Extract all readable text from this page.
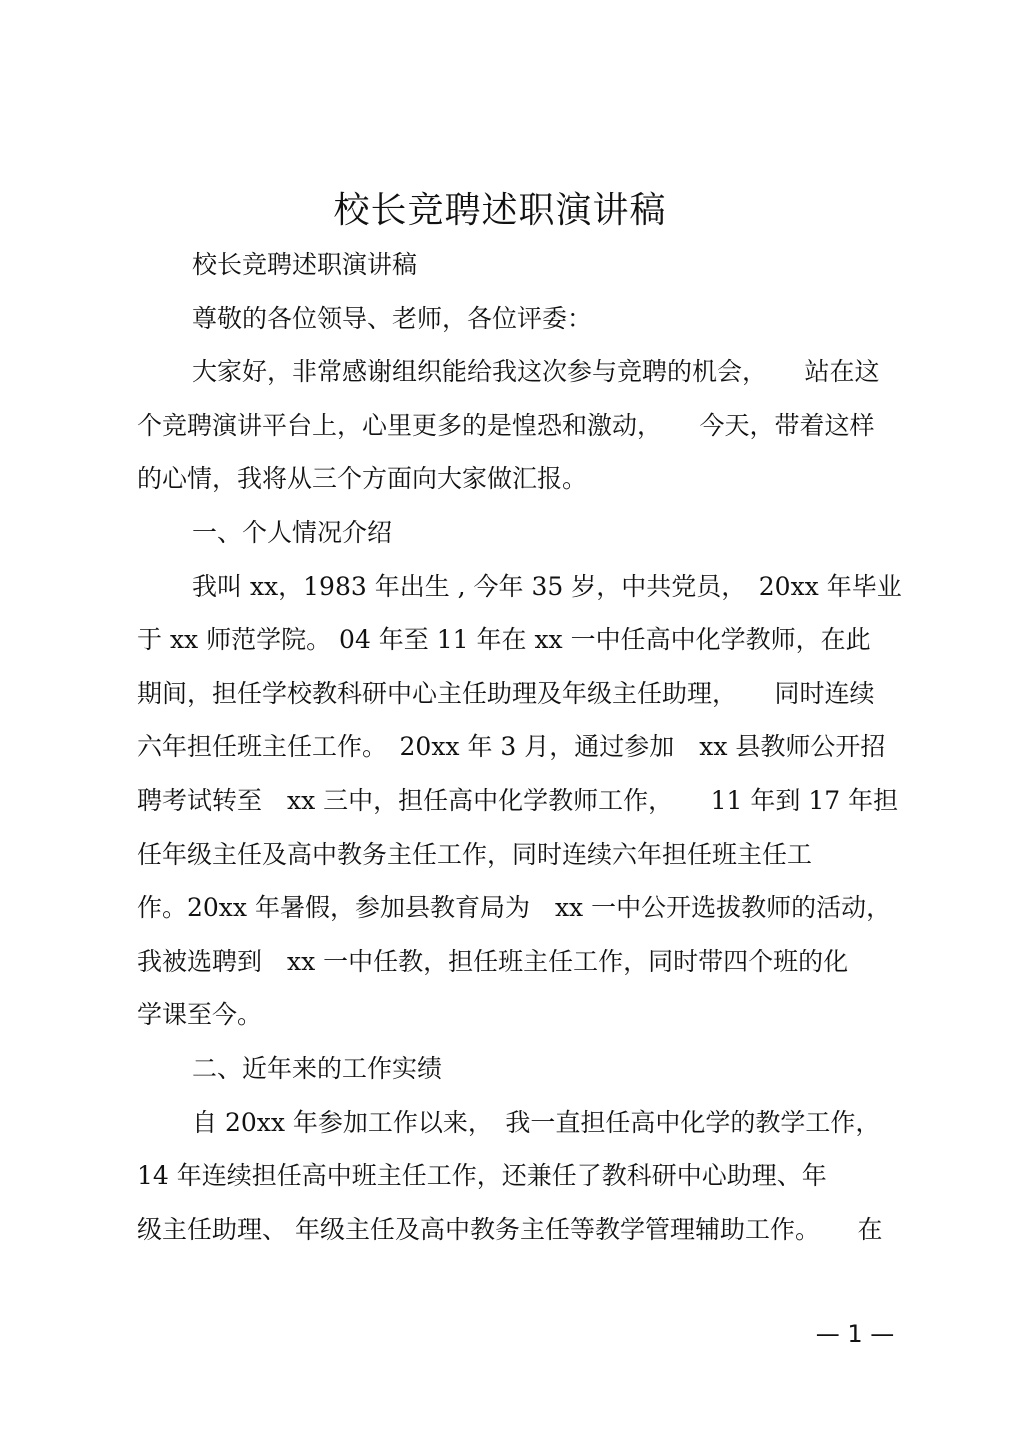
校长竞聘述职演讲稿

校长竞聘述职演讲稿

尊敬的各位领导、老师，各位评委：

大家好，非常感谢组织能给我这次参与竞聘的机会，　　站在这

个竞聘演讲平台上，心里更多的是惶恐和激动，　　今天，带着这样

的心情，我将从三个方面向大家做汇报。

一、个人情况介绍

我叫 xx，1983 年出生 , 今年 35 岁，中共党员，　20xx 年毕业

于 xx 师范学院。 04 年至 11 年在 xx 一中任高中化学教师，在此

期间，担任学校教科研中心主任助理及年级主任助理，　　同时连续

六年担任班主任工作。　20xx 年 3 月，通过参加　xx 县教师公开招

聘考试转至　xx 三中，担任高中化学教师工作，　　11 年到 17 年担

任年级主任及高中教务主任工作，同时连续六年担任班主任工

作。20xx 年暑假，参加县教育局为　xx 一中公开选拔教师的活动，

我被选聘到　xx 一中任教，担任班主任工作，同时带四个班的化

学课至今。

二、近年来的工作实绩

自 20xx 年参加工作以来，　我一直担任高中化学的教学工作，

14 年连续担任高中班主任工作，还兼任了教科研中心助理、年

级主任助理、 年级主任及高中教务主任等教学管理辅助工作。　　在

— 1 —
